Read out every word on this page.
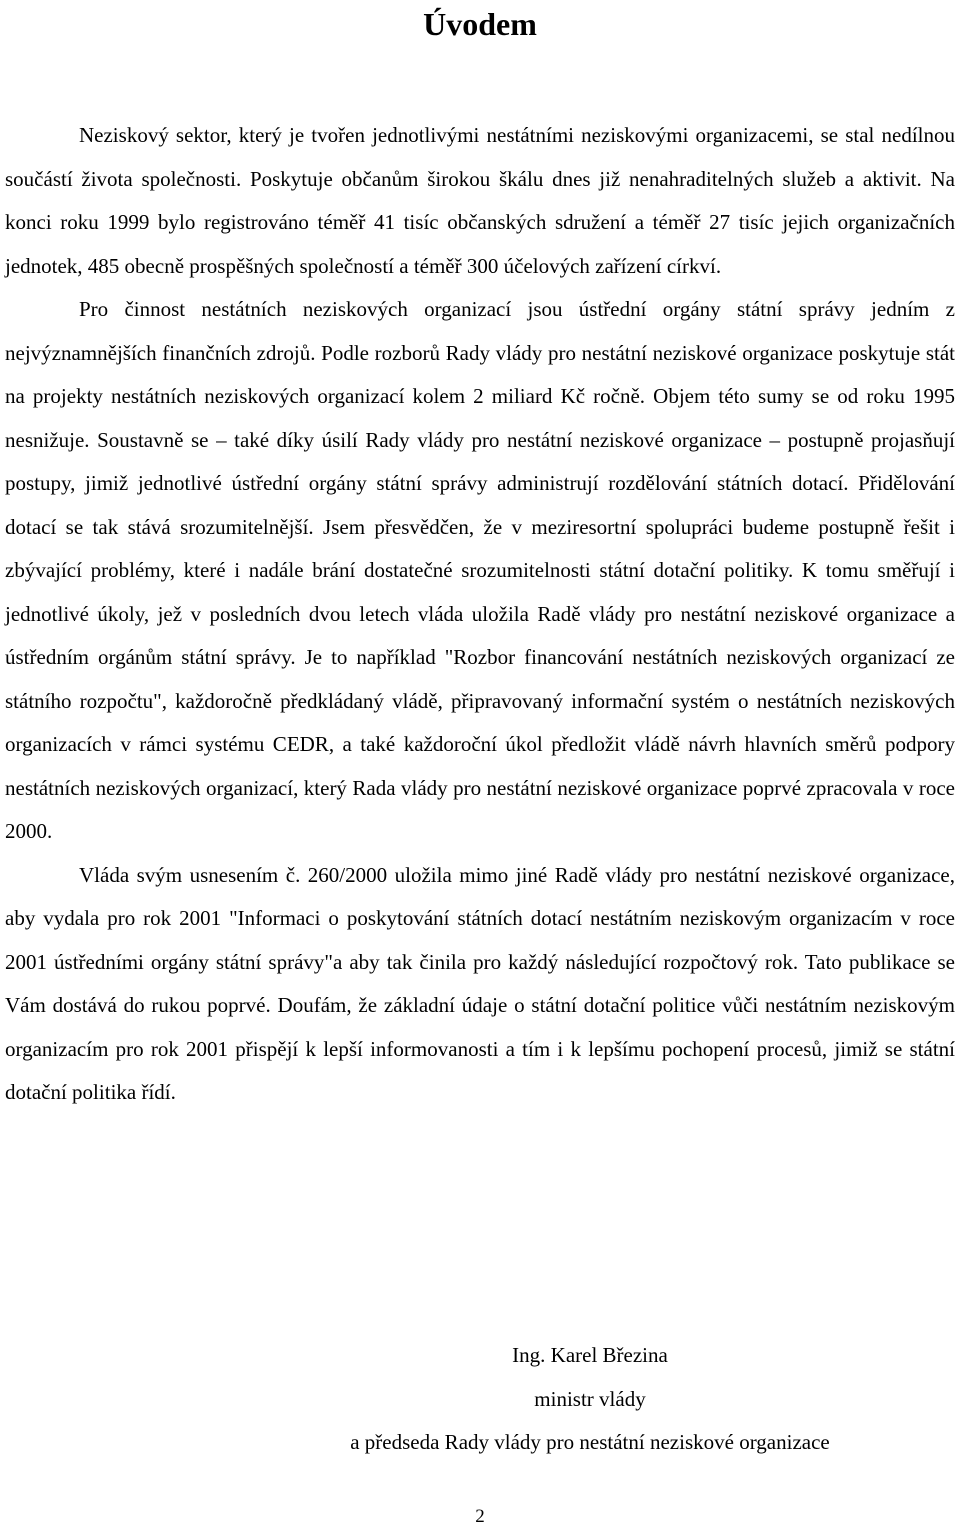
Úvodem

Neziskový sektor, který je tvořen jednotlivými nestátními neziskovými organizacemi, se stal nedílnou součástí života společnosti. Poskytuje občanům širokou škálu dnes již nenahraditelných služeb a aktivit. Na konci roku 1999 bylo registrováno téměř 41 tisíc občanských sdružení a téměř 27 tisíc jejich organizačních jednotek, 485 obecně prospěšných společností a téměř 300 účelových zařízení církví.

Pro činnost nestátních neziskových organizací jsou ústřední orgány státní správy jedním z nejvýznamnějších finančních zdrojů. Podle rozborů Rady vlády pro nestátní neziskové organizace poskytuje stát na projekty nestátních neziskových organizací kolem 2 miliard Kč ročně. Objem této sumy se od roku 1995 nesnižuje. Soustavně se – také díky úsilí Rady vlády pro nestátní neziskové organizace – postupně projasňují postupy, jimiž jednotlivé ústřední orgány státní správy administrují rozdělování státních dotací. Přidělování dotací se tak stává srozumitelnější. Jsem přesvědčen, že v meziresortní spolupráci budeme postupně řešit i zbývající problémy, které i nadále brání dostatečné srozumitelnosti státní dotační politiky. K tomu směřují i jednotlivé úkoly, jež v posledních dvou letech vláda uložila Radě vlády pro nestátní neziskové organizace a ústředním orgánům státní správy. Je to například "Rozbor financování nestátních neziskových organizací ze státního rozpočtu", každoročně předkládaný vládě, připravovaný informační systém o nestátních neziskových organizacích v rámci systému CEDR, a také každoroční úkol předložit vládě návrh hlavních směrů podpory nestátních neziskových organizací, který Rada vlády pro nestátní neziskové organizace poprvé zpracovala v roce 2000.

Vláda svým usnesením č. 260/2000 uložila mimo jiné Radě vlády pro nestátní neziskové organizace, aby vydala pro rok 2001 "Informaci o poskytování státních dotací nestátním neziskovým organizacím v roce 2001 ústředními orgány státní správy"a aby tak činila pro každý následující rozpočtový rok. Tato publikace se Vám dostává do rukou poprvé. Doufám, že základní údaje o státní dotační politice vůči nestátním neziskovým organizacím pro rok 2001 přispějí k lepší informovanosti a tím i k lepšímu pochopení procesů, jimiž se státní dotační politika řídí.

Ing. Karel Březina
ministr vlády
a předseda Rady vlády pro nestátní neziskové organizace
2
